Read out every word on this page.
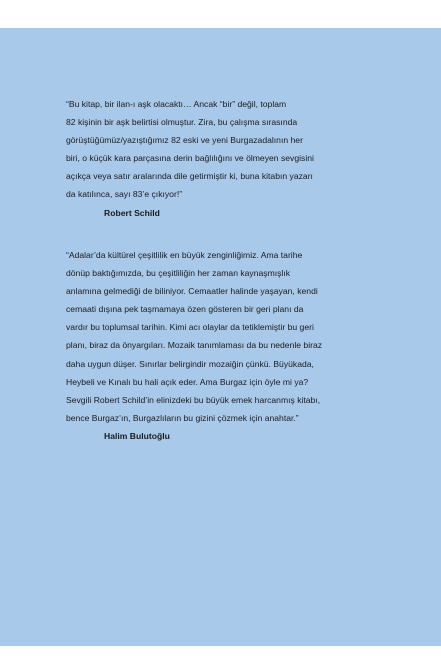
“Bu kitap, bir ilan-ı aşk olacaktı… Ancak “bir” değil, toplam
82 kişinin bir aşk belirtisi olmuştur. Zira, bu çalışma sırasında
görüştüğümüz/yazıştığımız 82 eski ve yeni Burgazadalının her
biri, o küçük kara parçasına derin bağlılığını ve ölmeyen sevgisini
açıkça veya satır aralarında dile getirmiştir ki, buna kitabın yazarı
da katılınca, sayı 83’e çıkıyor!”
Robert Schild
“Adalar’da kültürel çeşitlilik en büyük zenginliğimiz. Ama tarihe
dönüp baktığımızda, bu çeşitliliğin her zaman kaynaşmışlık
anlamına gelmediği de biliniyor. Cemaatler halinde yaşayan, kendi
cemaati dışına pek taşmamaya özen gösteren bir geri planı da
vardır bu toplumsal tarihin. Kimi acı olaylar da tetiklemiştir bu geri
planı, biraz da önyargıları. Mozaik tanımlaması da bu nedenle biraz
daha uygun düşer. Sınırlar belirgindir mozaiğin çünkü. Büyükada,
Heybeli ve Kınalı bu hali açık eder. Ama Burgaz için öyle mi ya?
Sevgili Robert Schild’in elinizdeki bu büyük emek harcanmış kitabı,
bence Burgaz’ın, Burgazlıların bu gizini çözmek için anahtar.”
Halim Bulutoğlu
